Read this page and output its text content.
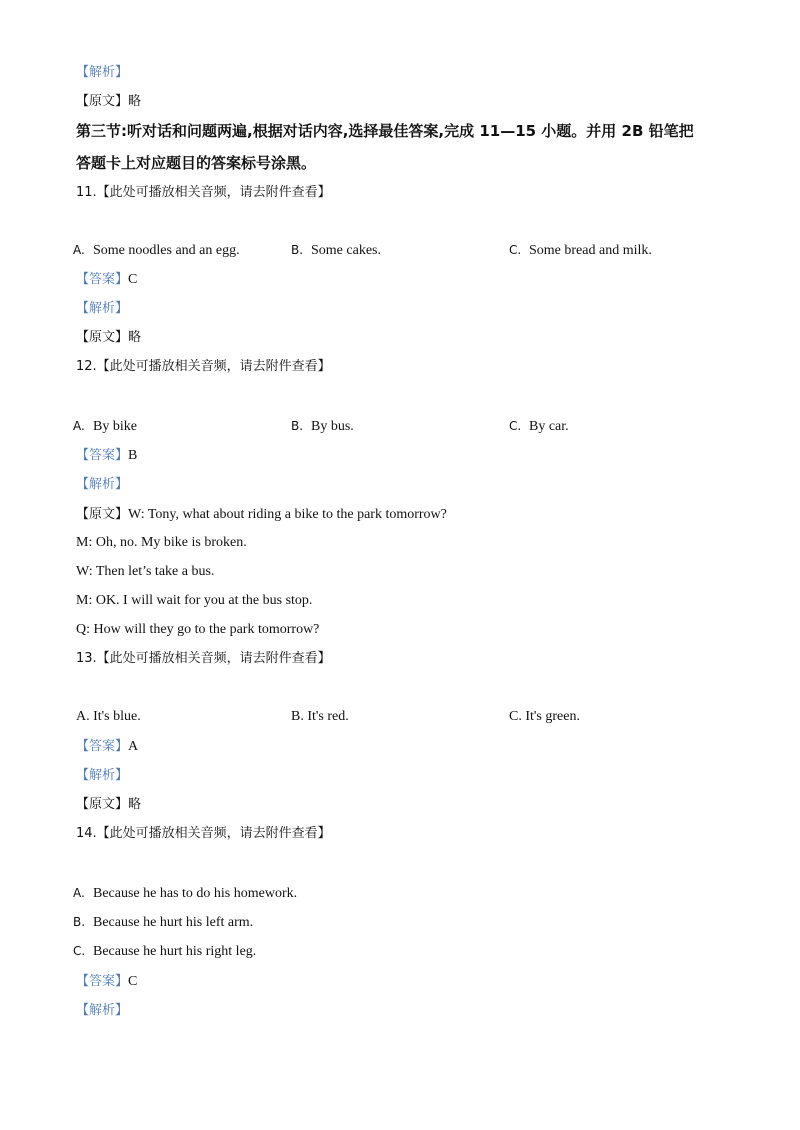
【解析】
【原文】略
第三节:听对话和问题两遍,根据对话内容,选择最佳答案,完成 11—15 小题。并用 2B 铅笔把
答题卡上对应题目的答案标号涂黑。
11.【此处可播放相关音频，请去附件查看】
A. Some noodles and an egg.	B. Some cakes.	C. Some bread and milk.
【答案】C
【解析】
【原文】略
12.【此处可播放相关音频，请去附件查看】
A. By bike	B. By bus.	C. By car.
【答案】B
【解析】
【原文】W: Tony, what about riding a bike to the park tomorrow?
M: Oh, no. My bike is broken.
W: Then let’s take a bus.
M: OK. I will wait for you at the bus stop.
Q: How will they go to the park tomorrow?
13.【此处可播放相关音频，请去附件查看】
A. It's blue.	B. It's red.	C. It's green.
【答案】A
【解析】
【原文】略
14.【此处可播放相关音频，请去附件查看】
A. Because he has to do his homework.
B. Because he hurt his left arm.
C. Because he hurt his right leg.
【答案】C
【解析】
